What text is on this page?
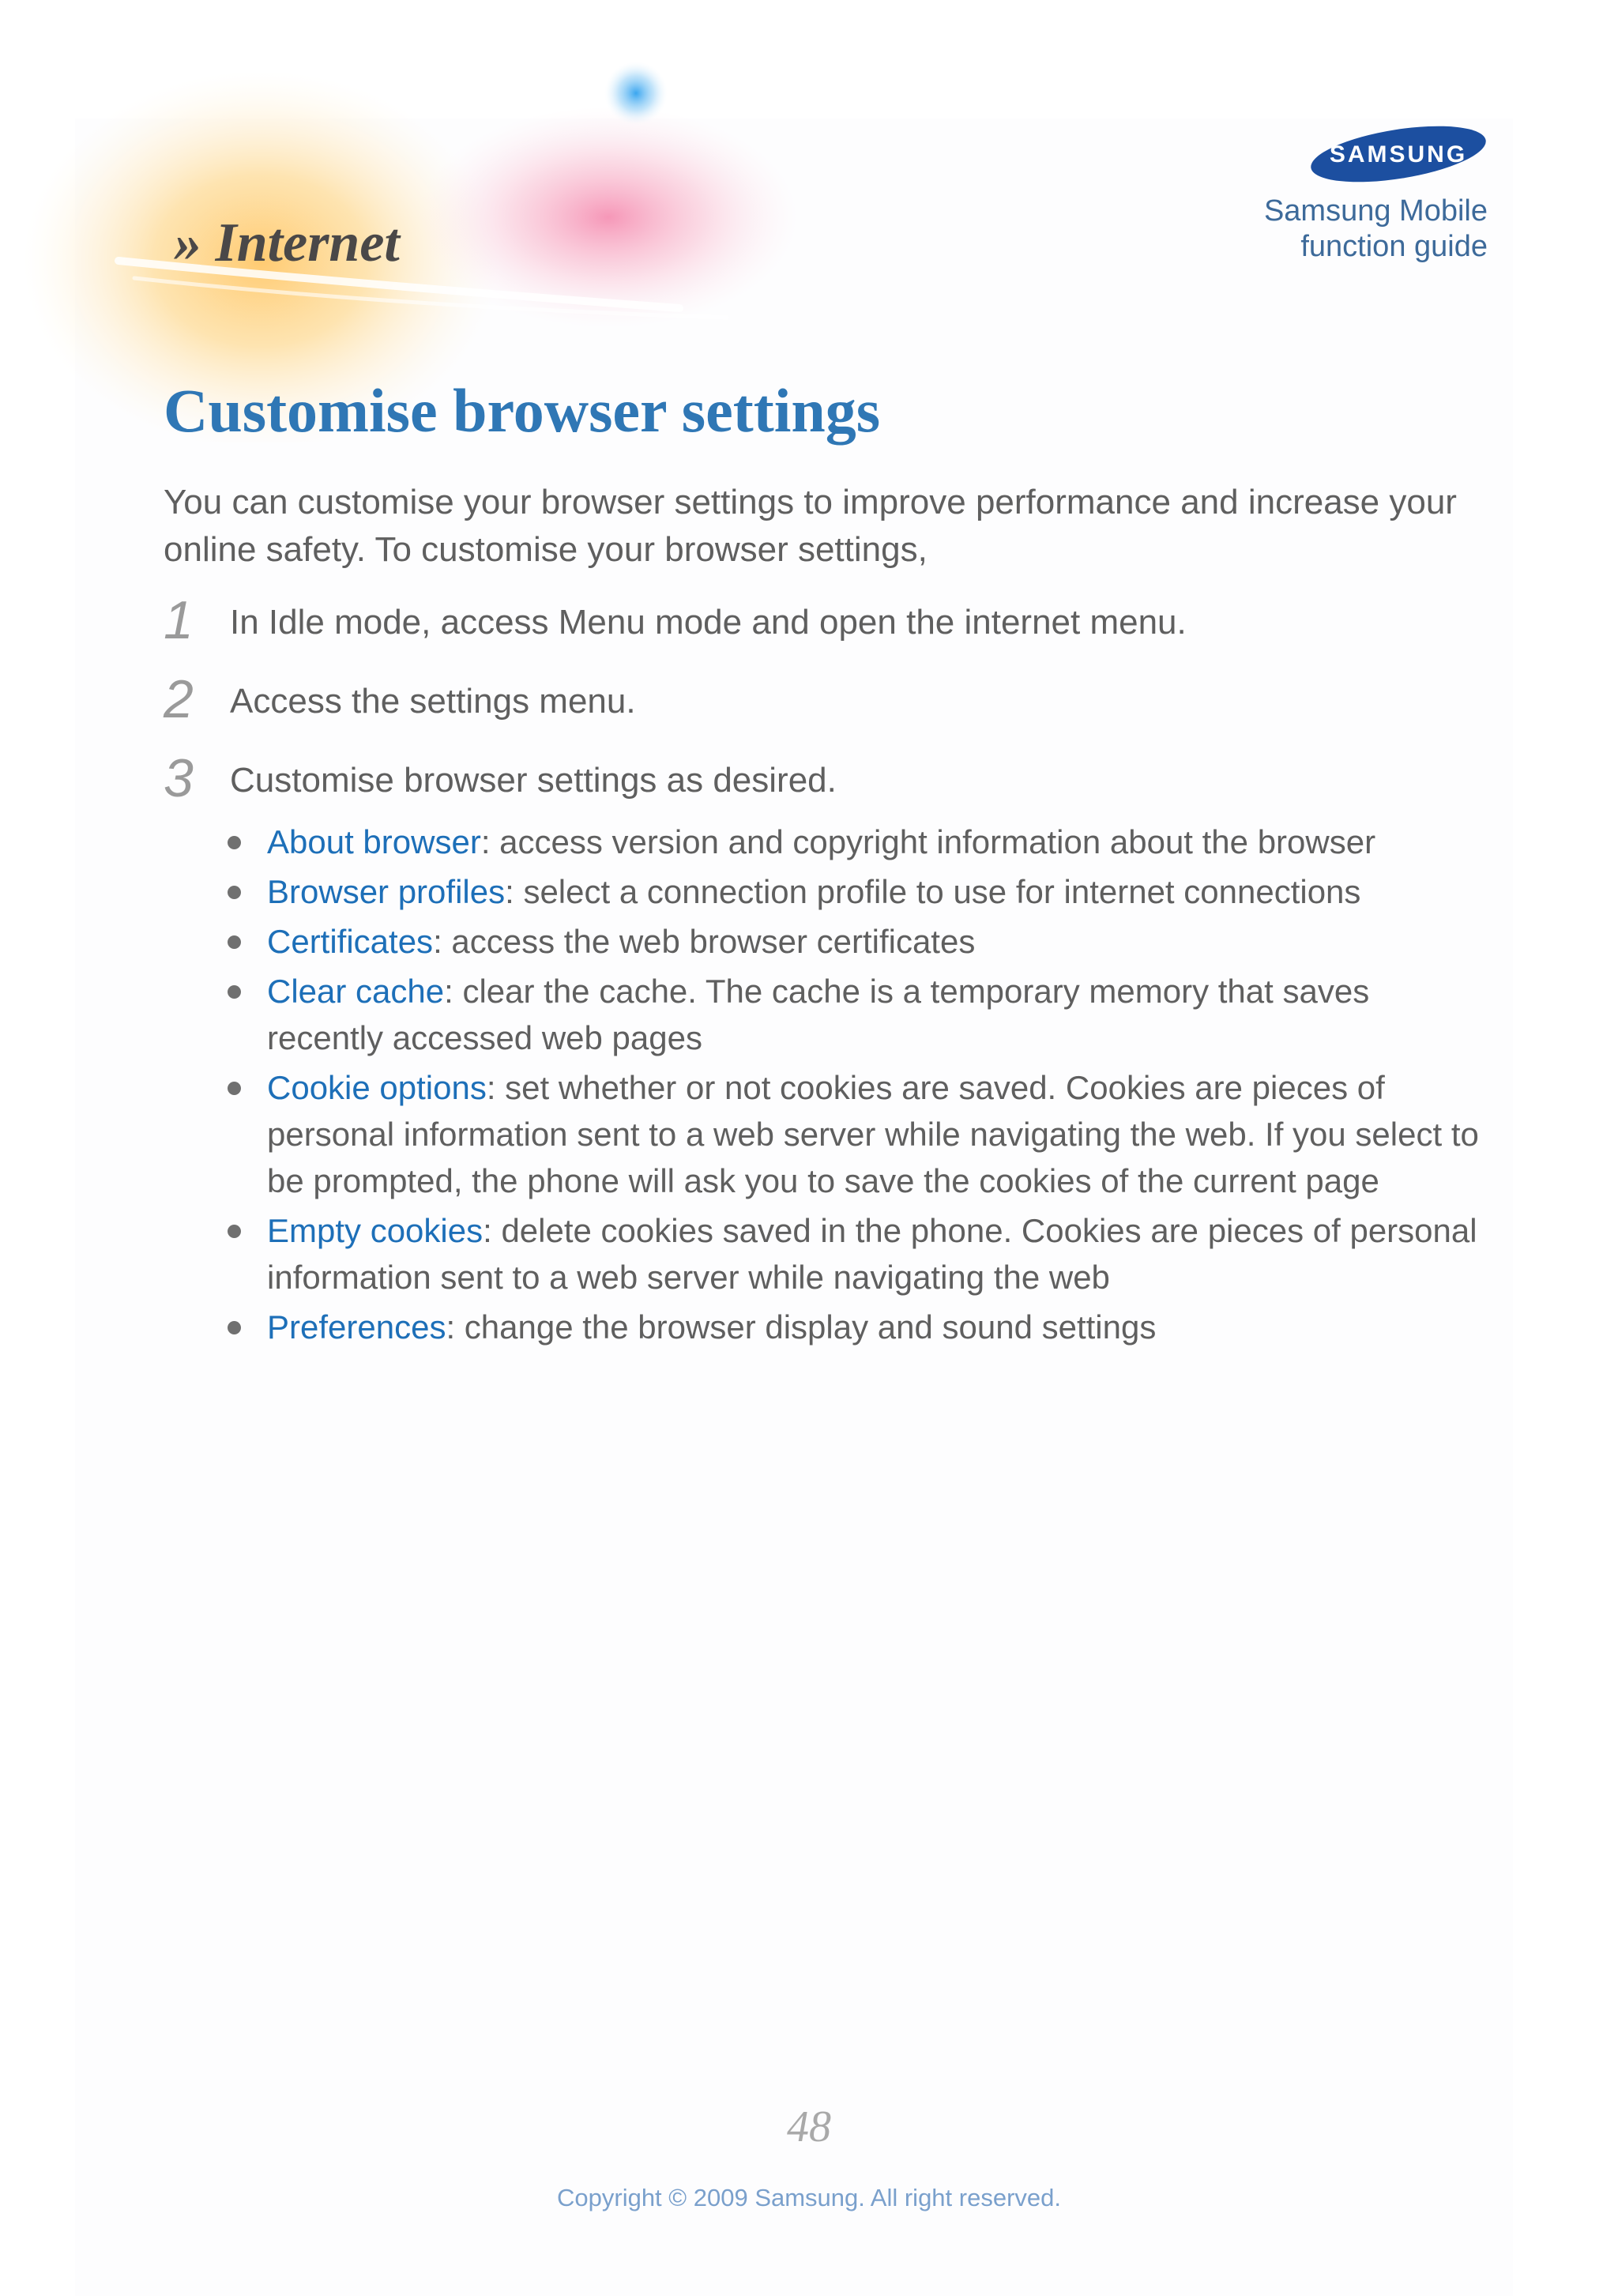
» Internet
SAMSUNG
Samsung Mobile
function guide
Customise browser settings

You can customise your browser settings to improve performance and increase your online safety. To customise your browser settings,

1 In Idle mode, access Menu mode and open the internet menu.
2 Access the settings menu.
3 Customise browser settings as desired.
About browser: access version and copyright information about the browser
Browser profiles: select a connection profile to use for internet connections
Certificates: access the web browser certificates
Clear cache: clear the cache. The cache is a temporary memory that saves recently accessed web pages
Cookie options: set whether or not cookies are saved. Cookies are pieces of personal information sent to a web server while navigating the web. If you select to be prompted, the phone will ask you to save the cookies of the current page
Empty cookies: delete cookies saved in the phone. Cookies are pieces of personal information sent to a web server while navigating the web
Preferences: change the browser display and sound settings
48
Copyright © 2009 Samsung. All right reserved.
